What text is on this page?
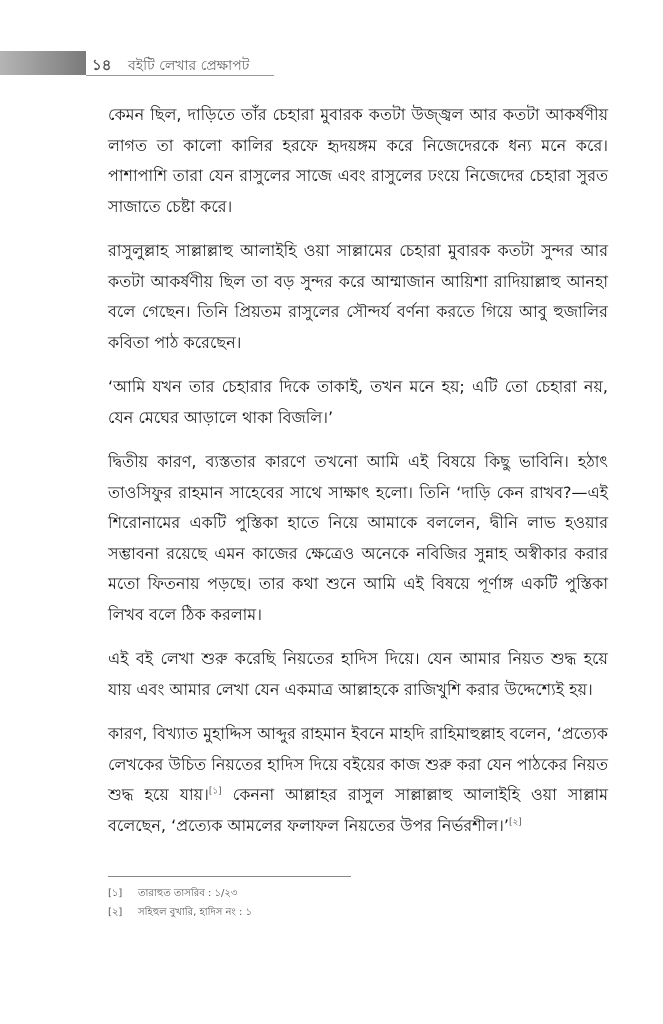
১৪ বইটি লেখার প্রেক্ষাপট

কেমন ছিল, দাড়িতে তাঁর চেহারা মুবারক কতটা উজ্জ্বল আর কতটা আকর্ষণীয় লাগত তা কালো কালির হরফে হৃদয়ঙ্গম করে নিজেদেরকে ধন্য মনে করে। পাশাপাশি তারা যেন রাসুলের সাজে এবং রাসুলের ঢংয়ে নিজেদের চেহারা সুরত সাজাতে চেষ্টা করে।

রাসুলুল্লাহ সাল্লাল্লাহু আলাইহি ওয়া সাল্লামের চেহারা মুবারক কতটা সুন্দর আর কতটা আকর্ষণীয় ছিল তা বড় সুন্দর করে আম্মাজান আয়িশা রাদিয়াল্লাহু আনহা বলে গেছেন। তিনি প্রিয়তম রাসুলের সৌন্দর্য বর্ণনা করতে গিয়ে আবু হুজালির কবিতা পাঠ করেছেন।

‘আমি যখন তার চেহারার দিকে তাকাই, তখন মনে হয়; এটি তো চেহারা নয়, যেন মেঘের আড়ালে থাকা বিজলি।’

দ্বিতীয় কারণ, ব্যস্ততার কারণে তখনো আমি এই বিষয়ে কিছু ভাবিনি। হঠাৎ তাওসিফুর রাহমান সাহেবের সাথে সাক্ষাৎ হলো। তিনি ‘দাড়ি কেন রাখব?—এই শিরোনামের একটি পুস্তিকা হাতে নিয়ে আমাকে বললেন, দ্বীনি লাভ হওয়ার সম্ভাবনা রয়েছে এমন কাজের ক্ষেত্রেও অনেকে নবিজির সুন্নাহ অস্বীকার করার মতো ফিতনায় পড়ছে। তার কথা শুনে আমি এই বিষয়ে পূর্ণাঙ্গ একটি পুস্তিকা লিখব বলে ঠিক করলাম।

এই বই লেখা শুরু করেছি নিয়তের হাদিস দিয়ে। যেন আমার নিয়ত শুদ্ধ হয়ে যায় এবং আমার লেখা যেন একমাত্র আল্লাহকে রাজিখুশি করার উদ্দেশ্যেই হয়।

কারণ, বিখ্যাত মুহাদ্দিস আব্দুর রাহমান ইবনে মাহদি রাহিমাহুল্লাহ বলেন, ‘প্রত্যেক লেখকের উচিত নিয়তের হাদিস দিয়ে বইয়ের কাজ শুরু করা যেন পাঠকের নিয়ত শুদ্ধ হয়ে যায়।[১] কেননা আল্লাহর রাসুল সাল্লাল্লাহু আলাইহি ওয়া সাল্লাম বলেছেন, ‘প্রত্যেক আমলের ফলাফল নিয়তের উপর নির্ভরশীল।’[২]

[১]	তারাহুত তাসরিব : ১/২৩
[২]	সহিহুল বুখারি, হাদিস নং : ১
